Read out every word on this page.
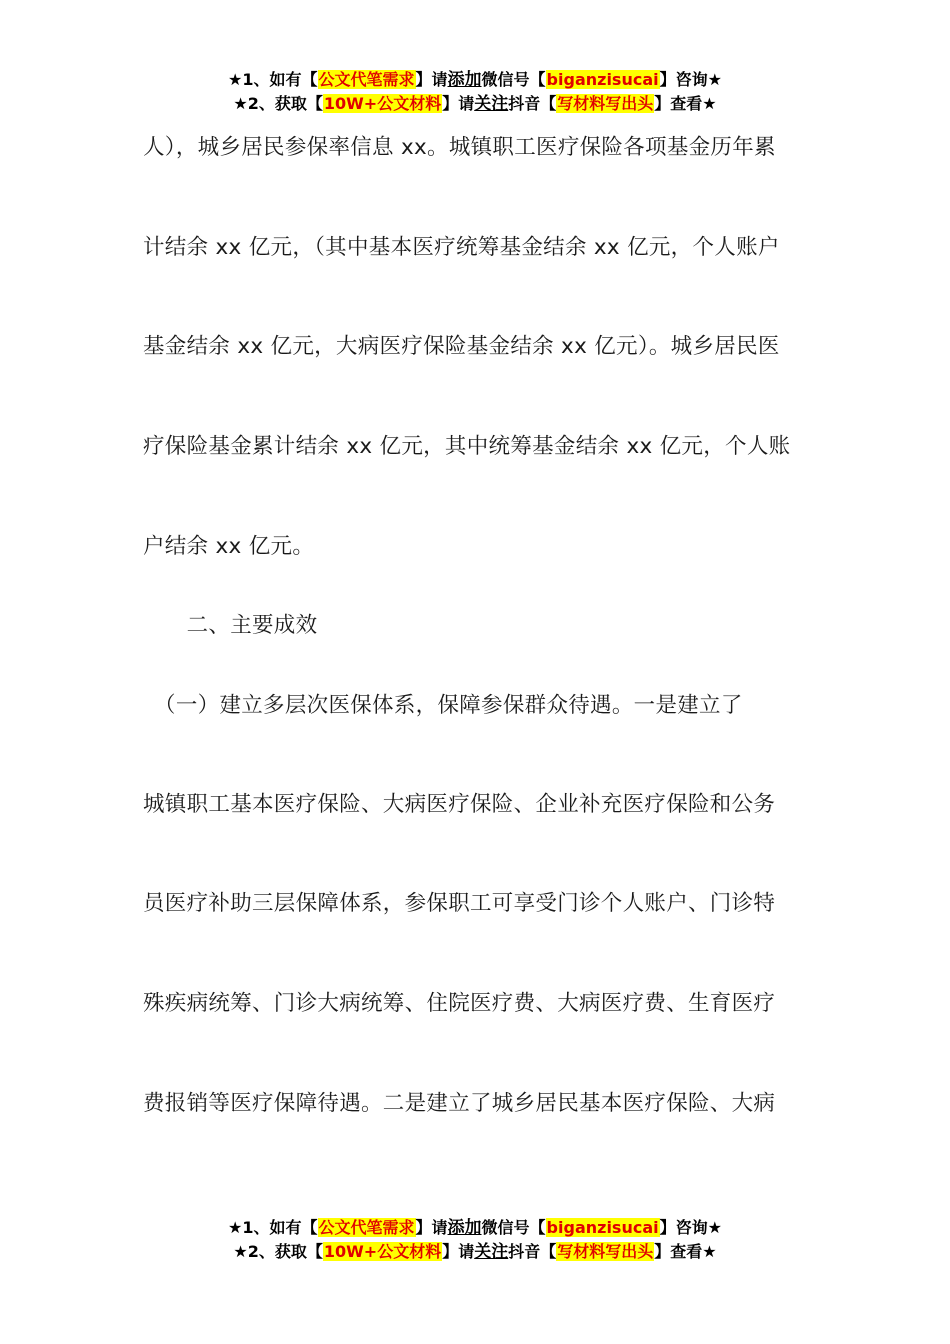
★1、如有【公文代笔需求】请添加微信号【biganzisucai】咨询★
★2、获取【10W+公文材料】请关注抖音【写材料写出头】查看★
人），城乡居民参保率信息 xx。城镇职工医疗保险各项基金历年累
计结余 xx 亿元，（其中基本医疗统筹基金结余 xx 亿元，个人账户
基金结余 xx 亿元，大病医疗保险基金结余 xx 亿元）。城乡居民医
疗保险基金累计结余 xx 亿元，其中统筹基金结余 xx 亿元，个人账
户结余 xx 亿元。
　　二、主要成效
　（一）建立多层次医保体系，保障参保群众待遇。一是建立了
城镇职工基本医疗保险、大病医疗保险、企业补充医疗保险和公务
员医疗补助三层保障体系，参保职工可享受门诊个人账户、门诊特
殊疾病统筹、门诊大病统筹、住院医疗费、大病医疗费、生育医疗
费报销等医疗保障待遇。二是建立了城乡居民基本医疗保险、大病
★1、如有【公文代笔需求】请添加微信号【biganzisucai】咨询★
★2、获取【10W+公文材料】请关注抖音【写材料写出头】查看★
